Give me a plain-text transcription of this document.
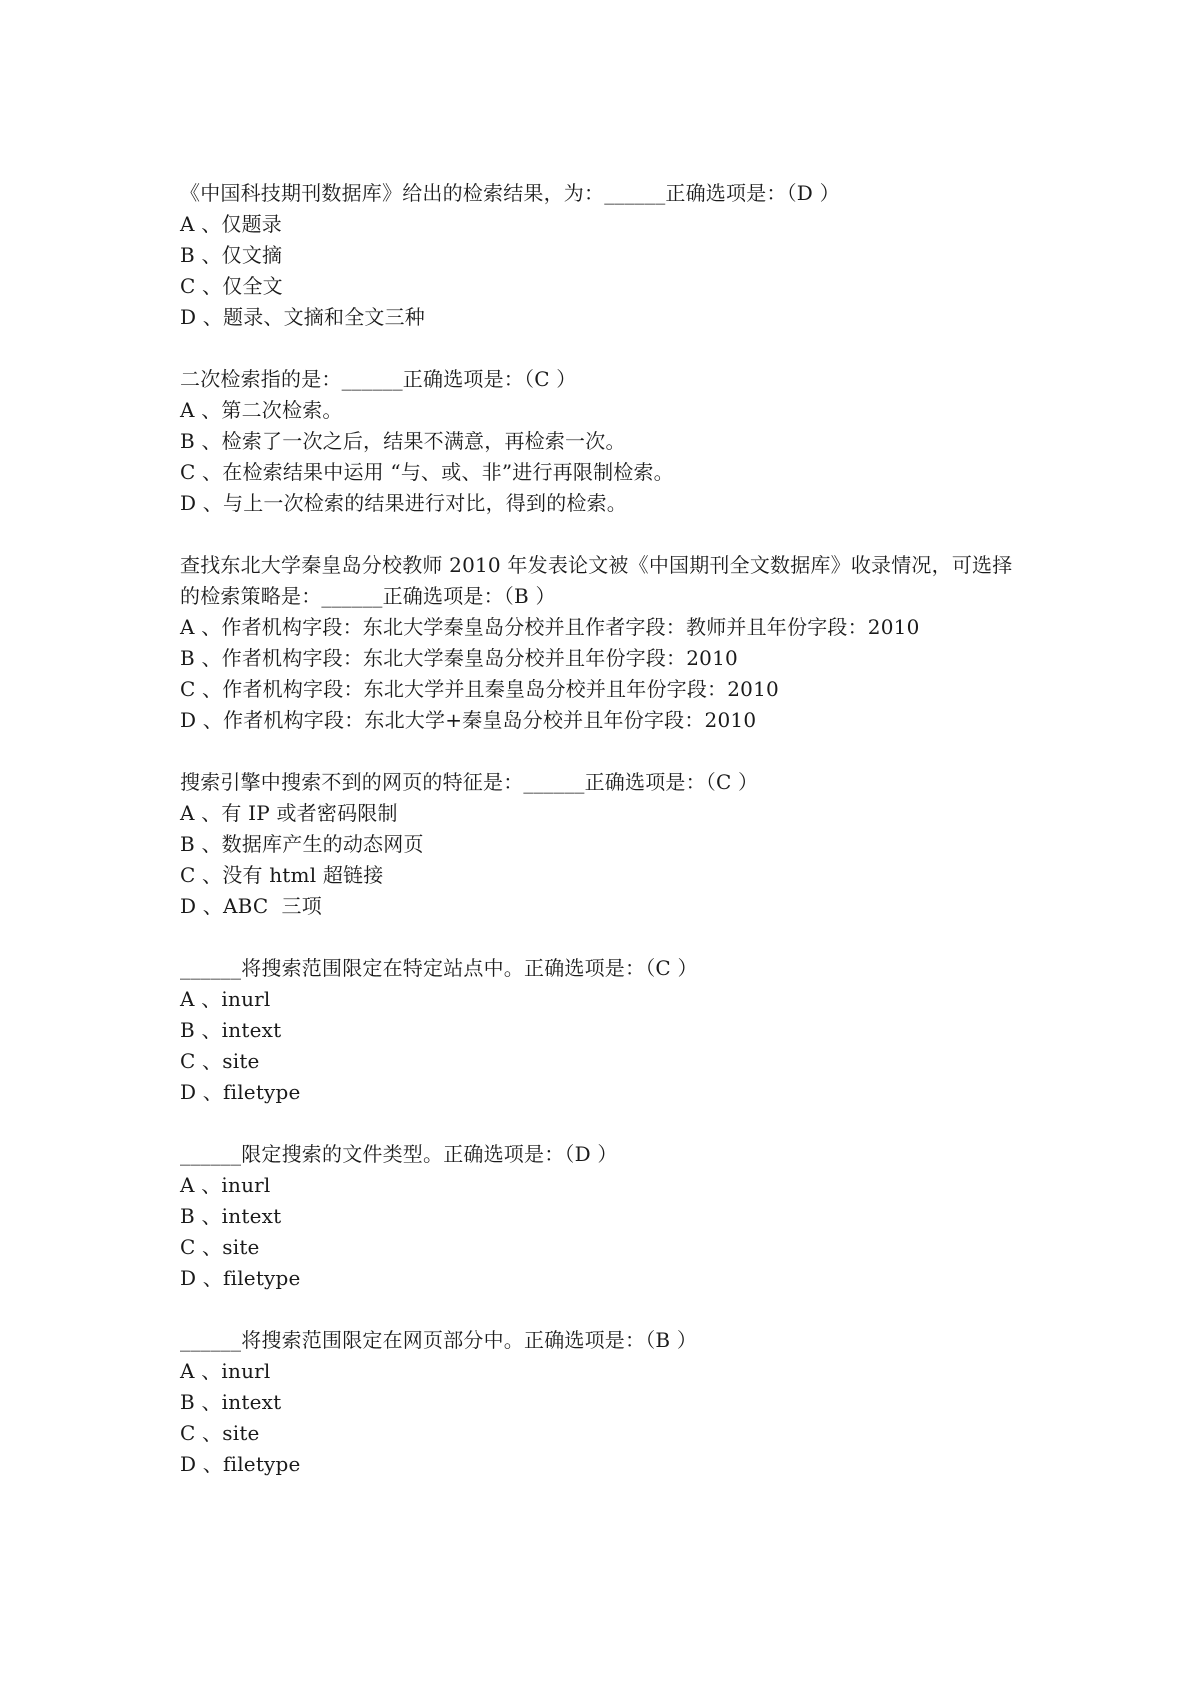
《中国科技期刊数据库》给出的检索结果，为：______正确选项是：（D ）

A 、仅题录

B 、仅文摘

C 、仅全文

D 、题录、文摘和全文三种

二次检索指的是：______正确选项是：（C ）

A 、第二次检索。

B 、检索了一次之后，结果不满意，再检索一次。

C 、在检索结果中运用 “与、或、非”进行再限制检索。

D 、与上一次检索的结果进行对比，得到的检索。

查找东北大学秦皇岛分校教师 2010 年发表论文被《中国期刊全文数据库》收录情况，可选择的检索策略是：______正确选项是：（B ）

A 、作者机构字段：东北大学秦皇岛分校并且作者字段：教师并且年份字段：2010

B 、作者机构字段：东北大学秦皇岛分校并且年份字段：2010

C 、作者机构字段：东北大学并且秦皇岛分校并且年份字段：2010

D 、作者机构字段：东北大学+秦皇岛分校并且年份字段：2010

搜索引擎中搜索不到的网页的特征是：______正确选项是：（C ）

A 、有 IP 或者密码限制

B 、数据库产生的动态网页

C 、没有 html 超链接

D 、ABC  三项

______将搜索范围限定在特定站点中。正确选项是：（C ）

A 、inurl

B 、intext

C 、site

D 、filetype

______限定搜索的文件类型。正确选项是：（D ）

A 、inurl

B 、intext

C 、site

D 、filetype

______将搜索范围限定在网页部分中。正确选项是：（B ）

A 、inurl

B 、intext

C 、site

D 、filetype
